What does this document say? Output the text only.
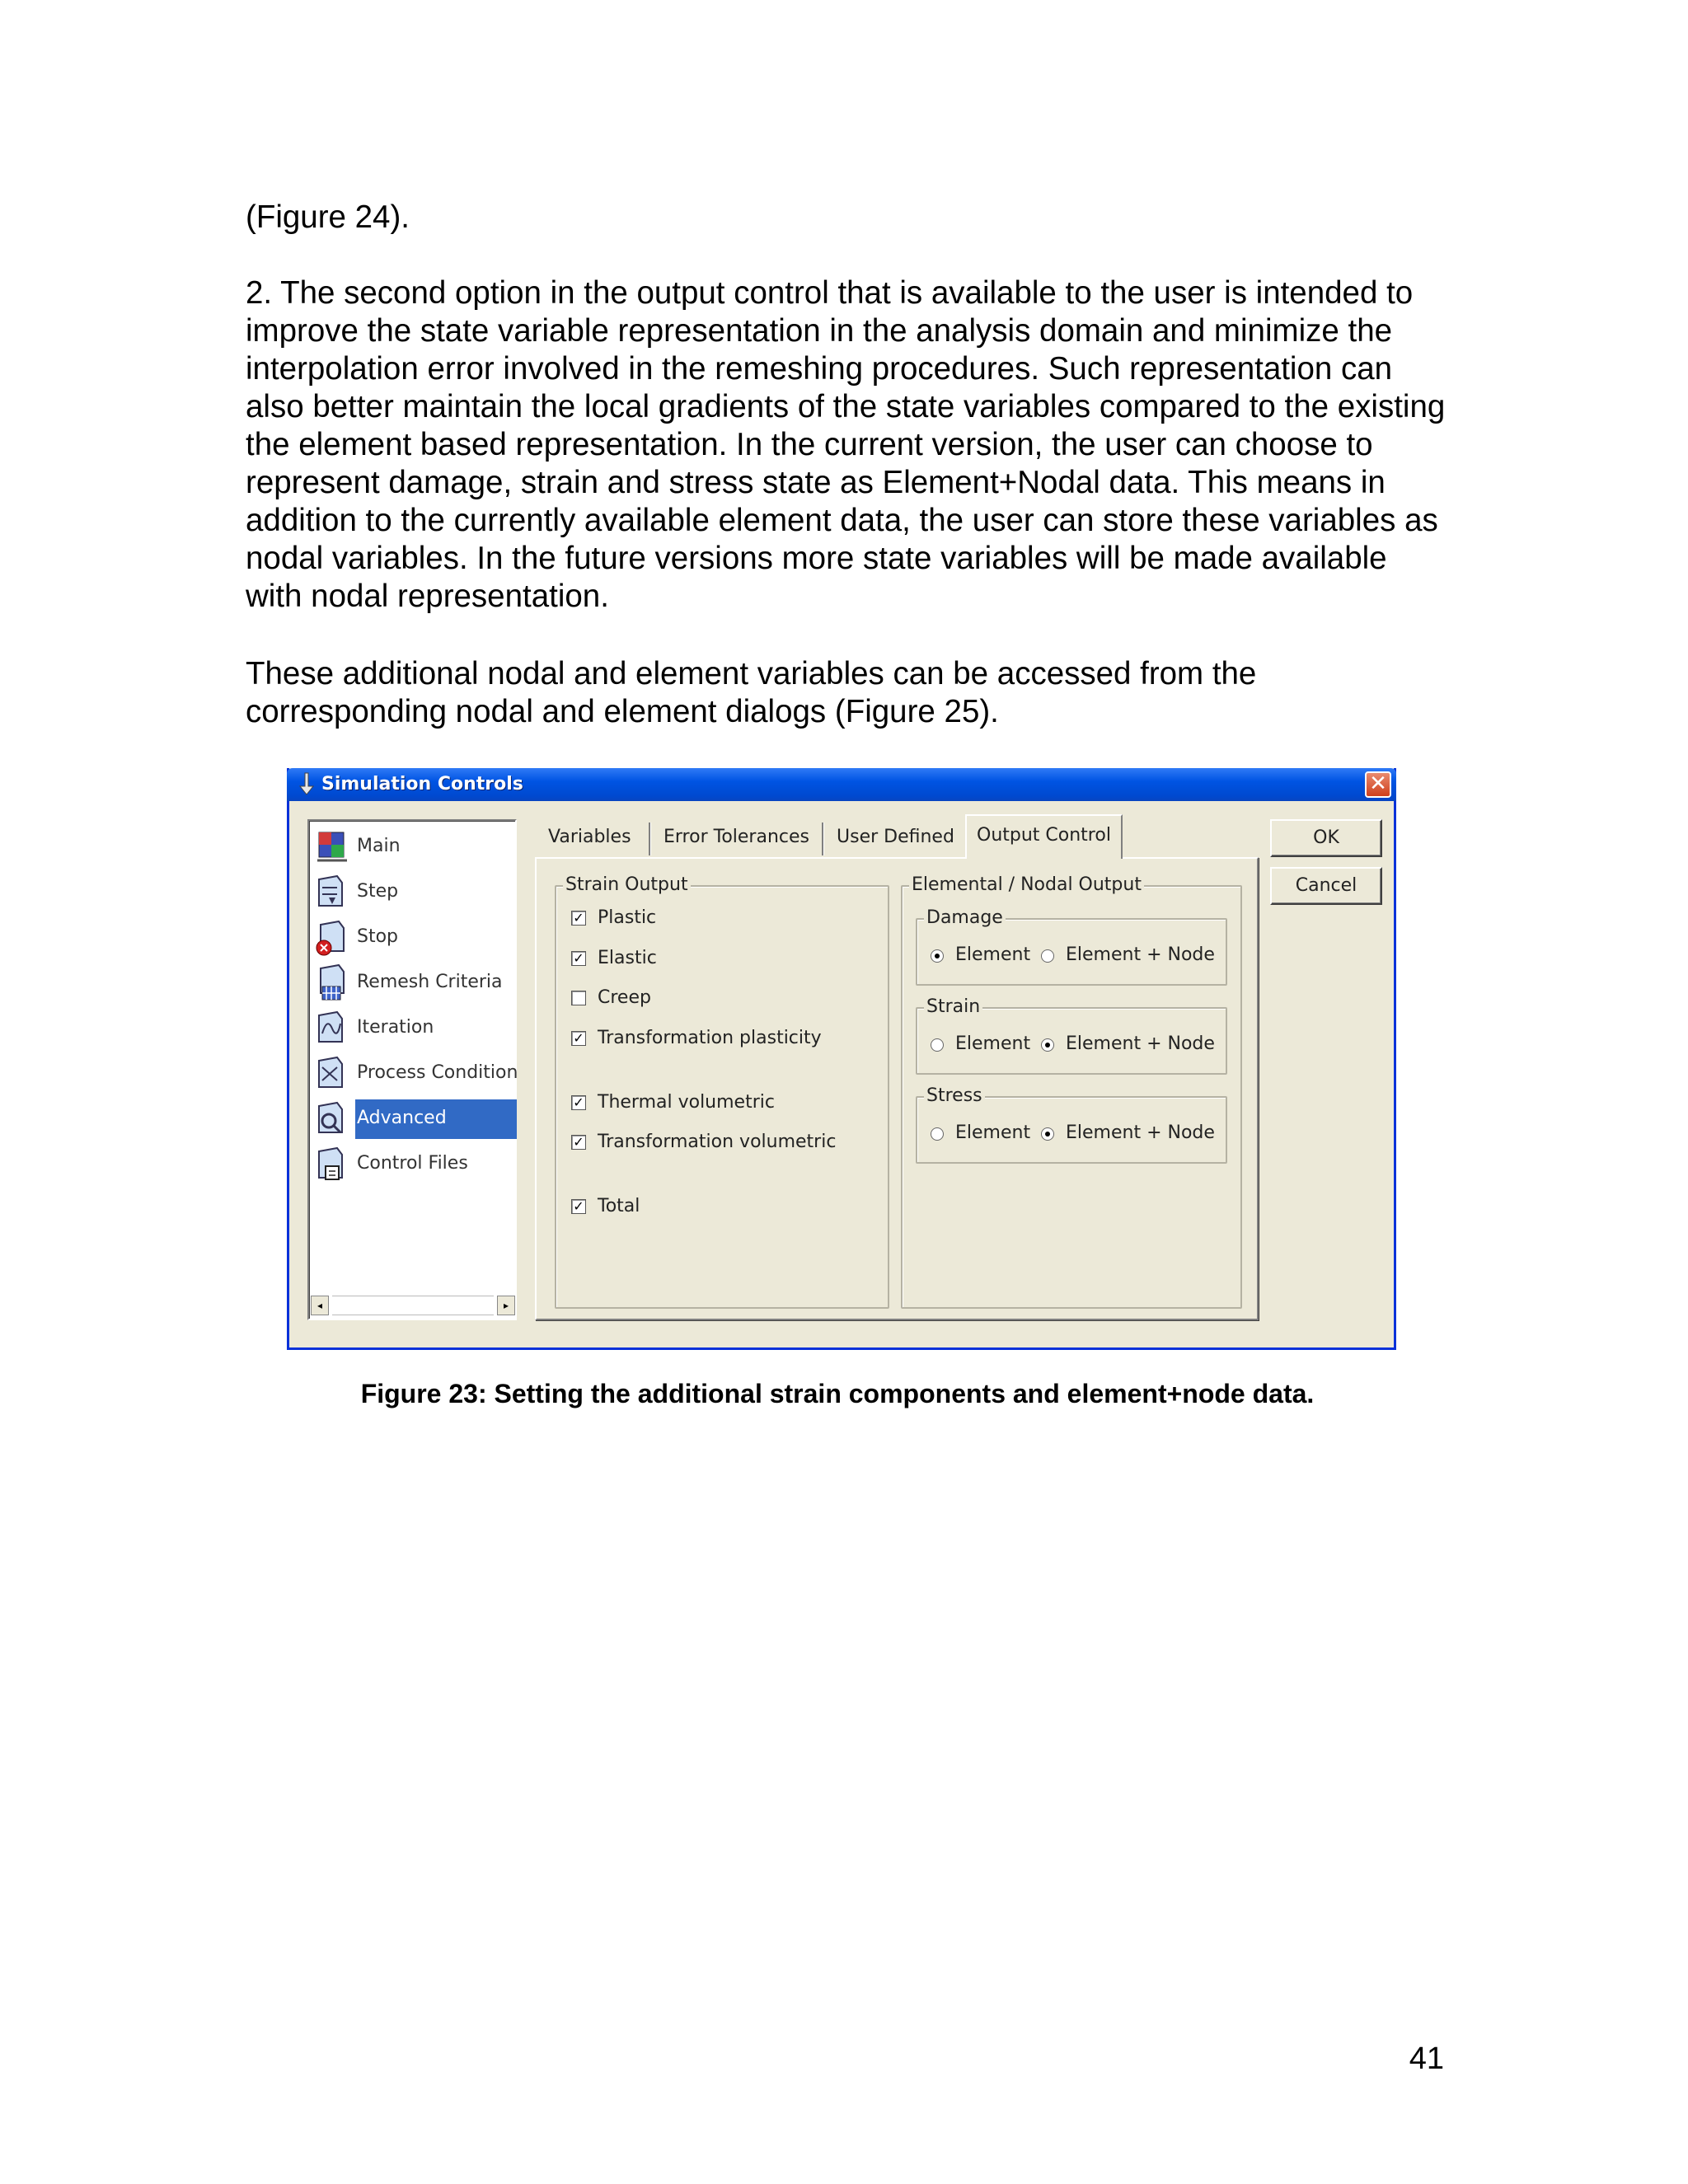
(Figure 24).

2. The second option in the output control that is available to the user is intended to improve the state variable representation in the analysis domain and minimize the interpolation error involved in the remeshing procedures. Such representation can also better maintain the local gradients of the state variables compared to the existing the element based representation. In the current version, the user can choose to represent damage, strain and stress state as Element+Nodal data. This means in addition to the currently available element data, the user can store these variables as nodal variables. In the future versions more state variables will be made available with nodal representation.

These additional nodal and element variables can be accessed from the corresponding nodal and element dialogs (Figure 25).

Simulation Controls	✕
Main
Step
Stop
Remesh Criteria
Iteration
Process Condition
Advanced
Control Files
◂	▸
Variables	Error Tolerances	User Defined	Output Control
Strain Output
✓ Plastic
✓ Elastic
Creep
✓ Transformation plasticity
✓ Thermal volumetric
✓ Transformation volumetric
✓ Total
Elemental / Nodal Output
Damage
Element Element + Node
Strain
Element Element + Node
Stress
Element Element + Node
OK
Cancel
Figure 23: Setting the additional strain components and element+node data.
41
